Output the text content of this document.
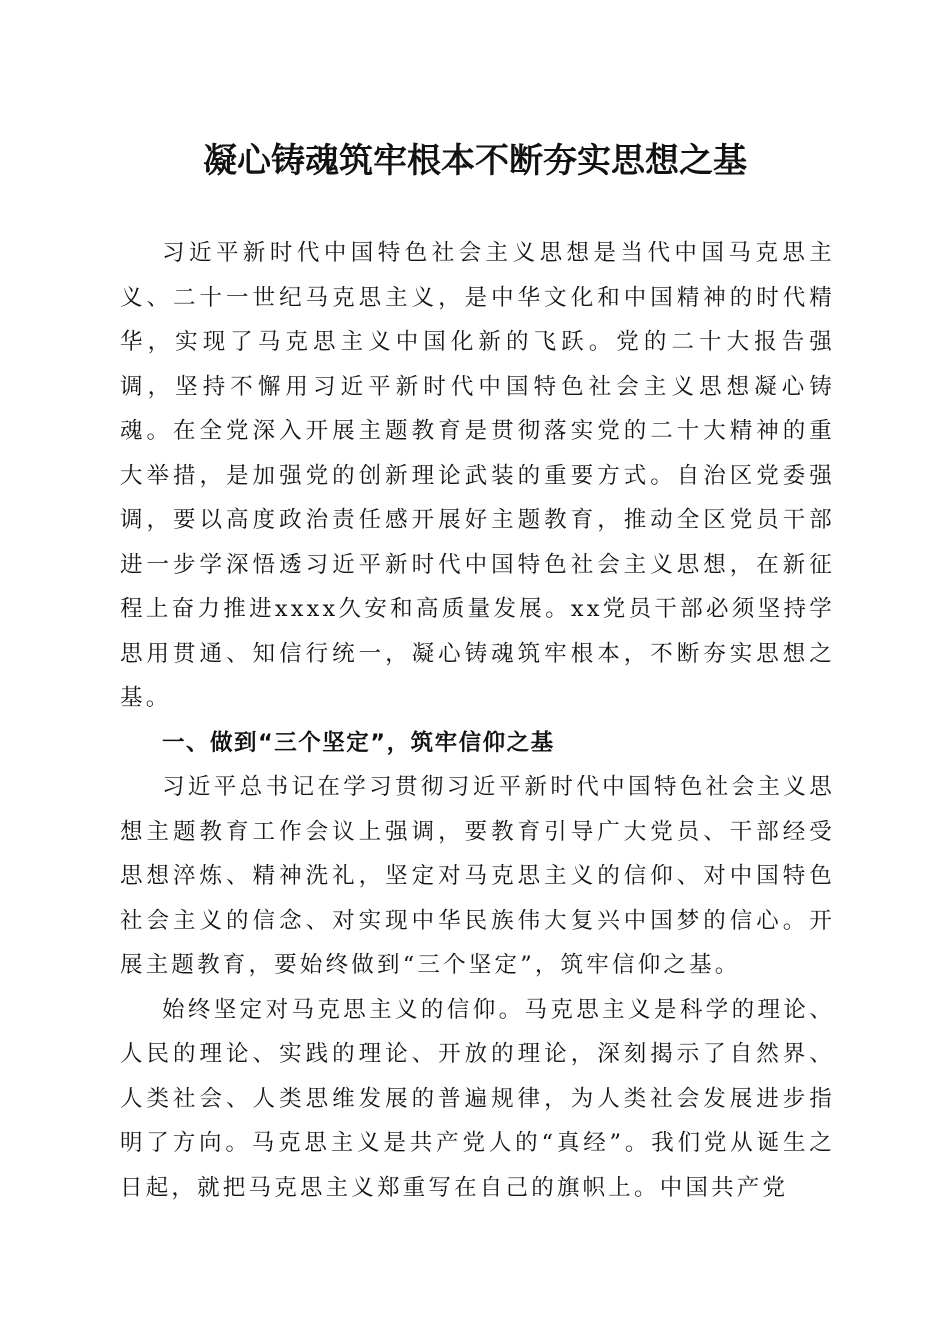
凝心铸魂筑牢根本不断夯实思想之基

习近平新时代中国特色社会主义思想是当代中国马克思主义、二十一世纪马克思主义，是中华文化和中国精神的时代精华，实现了马克思主义中国化新的飞跃。党的二十大报告强调，坚持不懈用习近平新时代中国特色社会主义思想凝心铸魂。在全党深入开展主题教育是贯彻落实党的二十大精神的重大举措，是加强党的创新理论武装的重要方式。自治区党委强调，要以高度政治责任感开展好主题教育，推动全区党员干部进一步学深悟透习近平新时代中国特色社会主义思想，在新征程上奋力推进xxxx久安和高质量发展。xx党员干部必须坚持学思用贯通、知信行统一，凝心铸魂筑牢根本，不断夯实思想之基。

一、做到“三个坚定”，筑牢信仰之基

习近平总书记在学习贯彻习近平新时代中国特色社会主义思想主题教育工作会议上强调，要教育引导广大党员、干部经受思想淬炼、精神洗礼，坚定对马克思主义的信仰、对中国特色社会主义的信念、对实现中华民族伟大复兴中国梦的信心。开展主题教育，要始终做到“三个坚定”，筑牢信仰之基。

始终坚定对马克思主义的信仰。马克思主义是科学的理论、人民的理论、实践的理论、开放的理论，深刻揭示了自然界、人类社会、人类思维发展的普遍规律，为人类社会发展进步指明了方向。马克思主义是共产党人的“真经”。我们党从诞生之日起，就把马克思主义郑重写在自己的旗帜上。中国共产党
